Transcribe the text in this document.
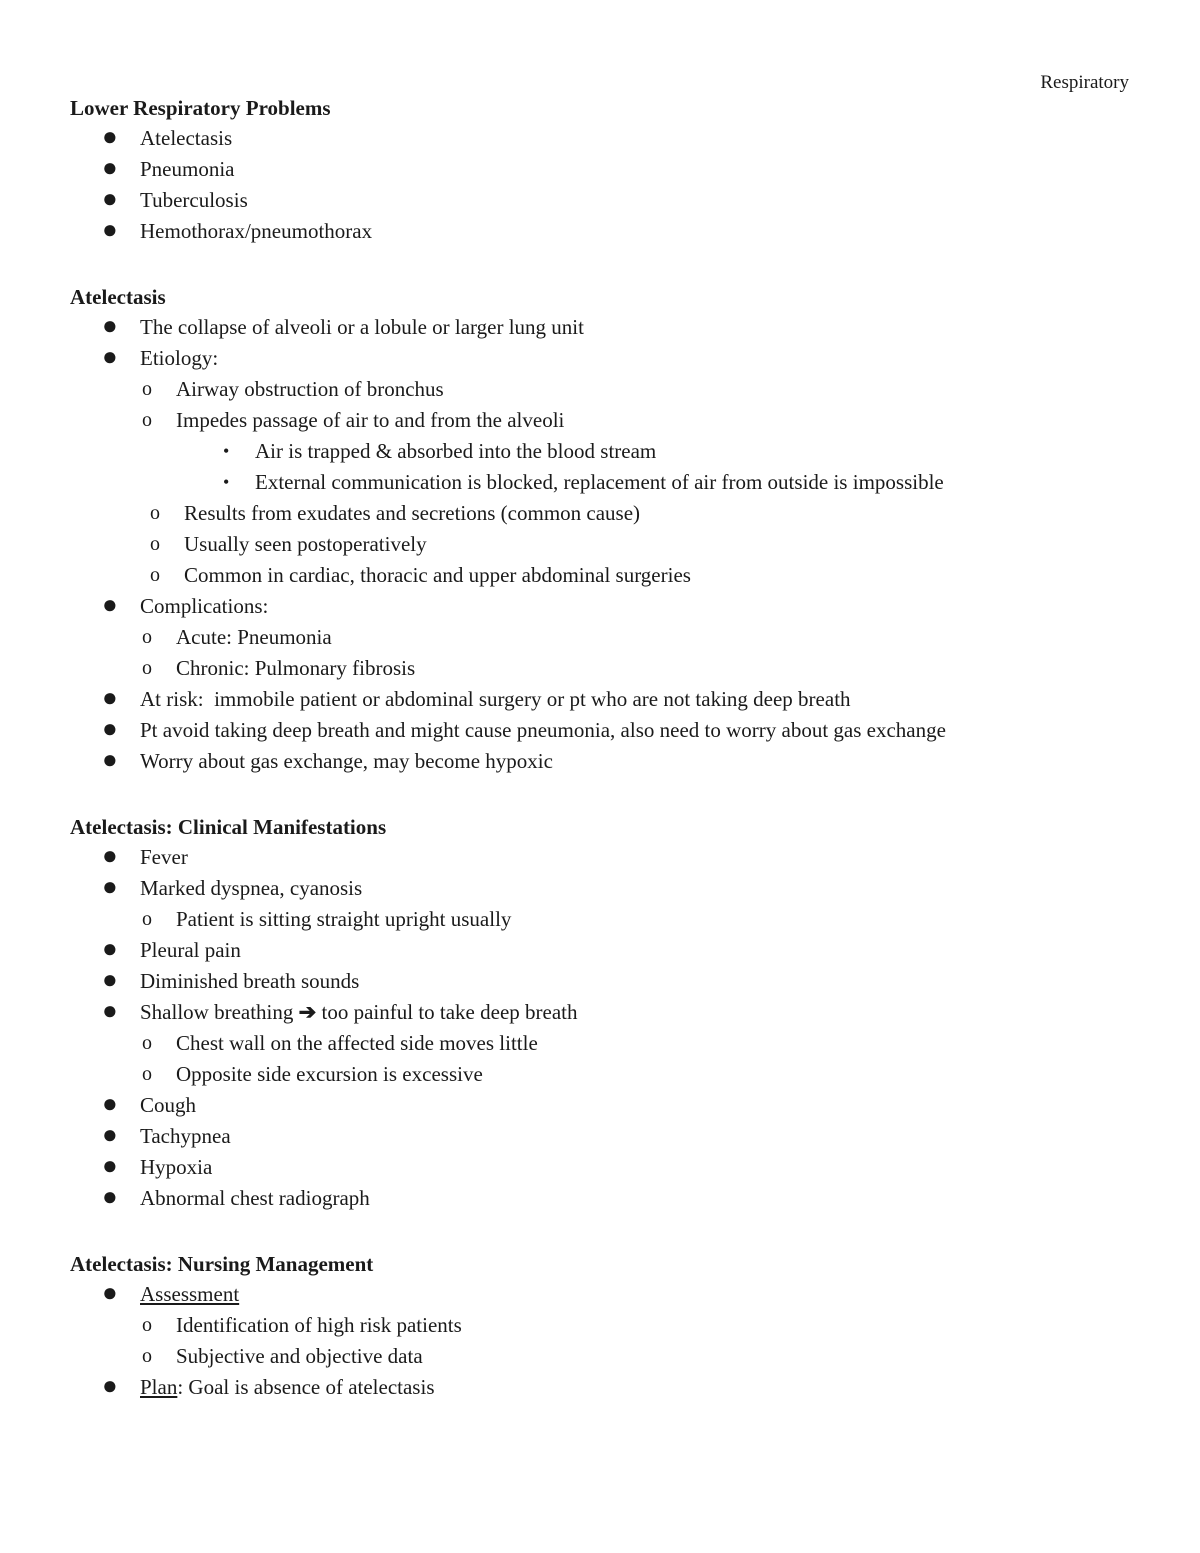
Respiratory
Lower Respiratory Problems
● Atelectasis
● Pneumonia
● Tuberculosis
● Hemothorax/pneumothorax
Atelectasis
● The collapse of alveoli or a lobule or larger lung unit
● Etiology:
o Airway obstruction of bronchus
o Impedes passage of air to and from the alveoli
• Air is trapped & absorbed into the blood stream
• External communication is blocked, replacement of air from outside is impossible
o Results from exudates and secretions (common cause)
o Usually seen postoperatively
o Common in cardiac, thoracic and upper abdominal surgeries
● Complications:
o Acute: Pneumonia
o Chronic: Pulmonary fibrosis
● At risk:  immobile patient or abdominal surgery or pt who are not taking deep breath
● Pt avoid taking deep breath and might cause pneumonia, also need to worry about gas exchange
● Worry about gas exchange, may become hypoxic
Atelectasis: Clinical Manifestations
● Fever
● Marked dyspnea, cyanosis
o Patient is sitting straight upright usually
● Pleural pain
● Diminished breath sounds
● Shallow breathing ➔ too painful to take deep breath
o Chest wall on the affected side moves little
o Opposite side excursion is excessive
● Cough
● Tachypnea
● Hypoxia
● Abnormal chest radiograph
Atelectasis: Nursing Management
● Assessment
o Identification of high risk patients
o Subjective and objective data
● Plan: Goal is absence of atelectasis
